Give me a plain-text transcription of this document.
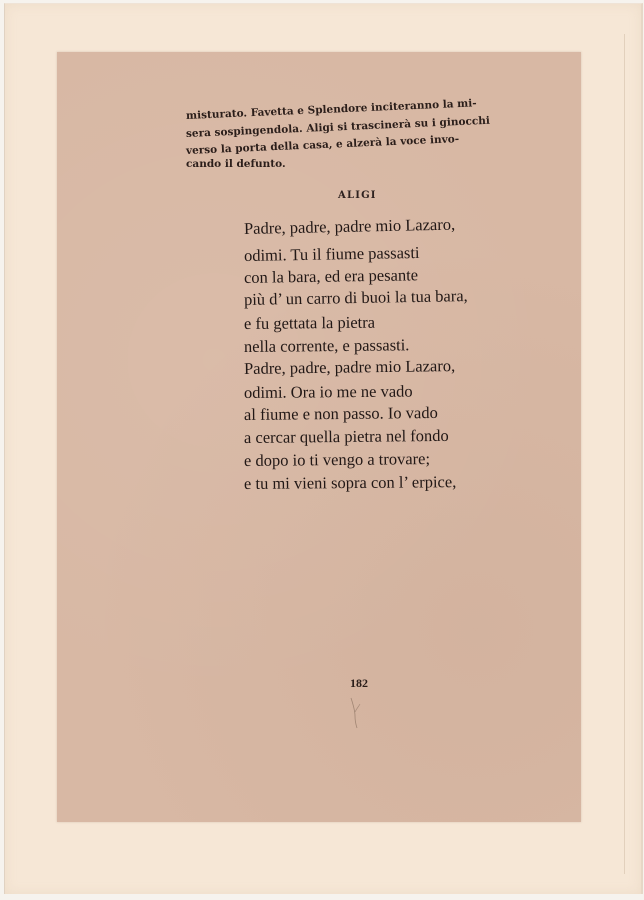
misturato. Favetta e Splendore inciteranno la mi-
sera sospingendola. Aligi si trascinerà su i ginocchi
verso la porta della casa, e alzerà la voce invo-
cando il defunto.
ALIGI
Padre, padre, padre mio Lazaro,
odimi. Tu il fiume passasti
con la bara, ed era pesante
più d’ un carro di buoi la tua bara,
e fu gettata la pietra
nella corrente, e passasti.
Padre, padre, padre mio Lazaro,
odimi. Ora io me ne vado
al fiume e non passo. Io vado
a cercar quella pietra nel fondo
e dopo io ti vengo a trovare;
e tu mi vieni sopra con l’ erpice,
182
